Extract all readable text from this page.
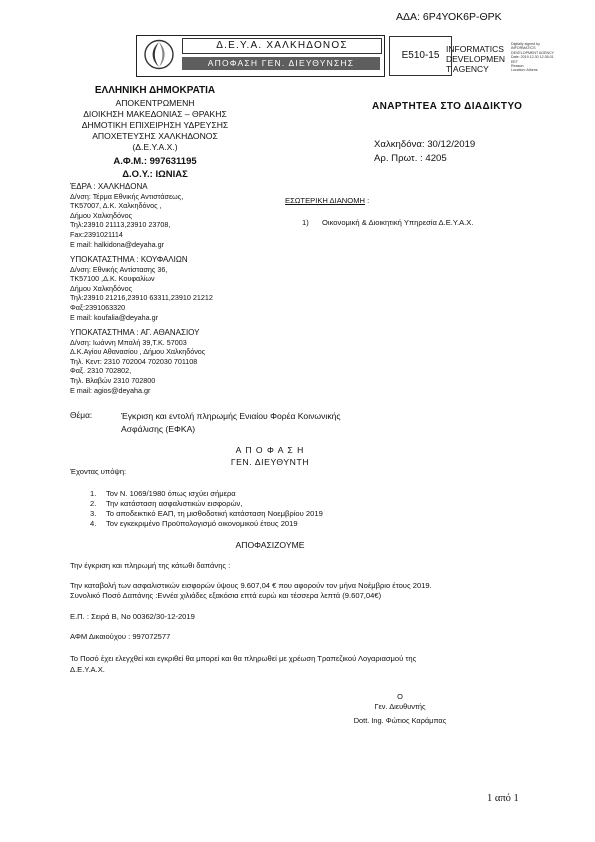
ΑΔΑ: 6Ρ4ΥΟΚ6Ρ-ΘΡΚ
Δ.Ε.Υ.Α. ΧΑΛΚΗΔΟΝΟΣ
ΑΠΟΦΑΣΗ ΓΕΝ. ΔΙΕΥΘΥΝΣΗΣ
Ε510-15
INFORMATICS
DEVELOPMEN
T AGENCY
Digitally signed by
INFORMATICS
DEVELOPMENT AGENCY
Date: 2019.12.30 12:38:31
EET
Reason:
Location: Athens
ΕΛΛΗΝΙΚΗ ΔΗΜΟΚΡΑΤΙΑ
ΑΠΟΚΕΝΤΡΩΜΕΝΗ
ΔΙΟΙΚΗΣΗ ΜΑΚΕΔΟΝΙΑΣ – ΘΡΑΚΗΣ
ΔΗΜΟΤΙΚΗ ΕΠΙΧΕΙΡΗΣΗ ΥΔΡΕΥΣΗΣ
ΑΠΟΧΕΤΕΥΣΗΣ ΧΑΛΚΗΔΟΝΟΣ
(Δ.Ε.Υ.Α.Χ.)
Α.Φ.Μ.: 997631195
Δ.Ο.Υ.: ΙΩΝΙΑΣ
ΈΔΡΑ : ΧΑΛΚΗΔΟΝΑ
Δ/νση: Τέρμα Εθνικής Αντιστάσεως,
ΤΚ57007, Δ.Κ. Χαλκηδόνος ,
Δήμου Χαλκηδόνος
Τηλ:23910 21113,23910 23708,
Fax:2391021114
E mail: halkidona@deyaha.gr
ΥΠΟΚΑΤΑΣΤΗΜΑ : ΚΟΥΦΑΛΙΩΝ
Δ/νση: Εθνικής Αντίστασης 36,
ΤΚ57100 ,Δ.Κ. Κουφαλίων
Δήμου Χαλκηδόνος
Τηλ:23910 21216,23910 63311,23910 21212
Φαξ:2391063320
E mail: koufalia@deyaha.gr
ΥΠΟΚΑΤΑΣΤΗΜΑ : ΑΓ. ΑΘΑΝΑΣΙΟΥ
Δ/νση: Ιωάννη Μπαλή 39,Τ.Κ. 57003
Δ.Κ.Αγίου Αθανασίου , Δήμου Χαλκηδόνος
Τηλ. Κεντ: 2310 702004 702030 701108
Φαξ. 2310 702802,
Τηλ. Βλαβών 2310 702800
E mail: agios@deyaha.gr
ΑΝΑΡΤΗΤΕΑ ΣΤΟ ΔΙΑΔΙΚΤΥΟ
Χαλκηδόνα: 30/12/2019
Αρ. Πρωτ. : 4205
ΕΣΩΤΕΡΙΚΗ ΔΙΑΝΟΜΗ :
1) Οικονομική & Διοικητική Υπηρεσία Δ.Ε.Υ.Α.Χ.
Θέμα:	Έγκριση και εντολή πληρωμής Ενιαίου Φορέα Κοινωνικής
Ασφάλισης (ΕΦΚΑ)
Α Π Ο Φ Α Σ Η
ΓΕΝ. ΔΙΕΥΘΥΝΤΗ
Έχοντας υπόψη:
1. Τον Ν. 1069/1980 όπως ισχύει σήμερα
2. Την κατάσταση ασφαλιστικών εισφορών,
3. Το αποδεικτικό ΕΑΠ, τη μισθοδοτική κατάσταση Νοεμβρίου 2019
4. Τον εγκεκριμένο Προϋπολογισμό οικονομικού έτους 2019
ΑΠΟΦΑΣΙΖΟΥΜΕ
Την έγκριση και πληρωμή της κάτωθι δαπάνης :
Την καταβολή των ασφαλιστικών εισφορών ύψους 9.607,04 € που αφορούν τον μήνα Νοέμβριο έτους 2019.
Συνολικό Ποσό Δαπάνης :Εννέα χιλιάδες εξακόσια επτά ευρώ και τέσσερα λεπτά (9.607,04€)
Ε.Π. : Σειρά Β, Νο 00362/30-12-2019
ΑΦΜ Δικαιούχου : 997072577
Το Ποσό έχει ελεγχθεί και εγκριθεί θα μπορεί και θα πληρωθεί με χρέωση Τραπεζικού Λογαριασμού της
Δ.Ε.Υ.Α.Χ.
Ο
Γεν. Διευθυντής
Dott. Ing. Φώτιος Καράμπας
1 από 1
